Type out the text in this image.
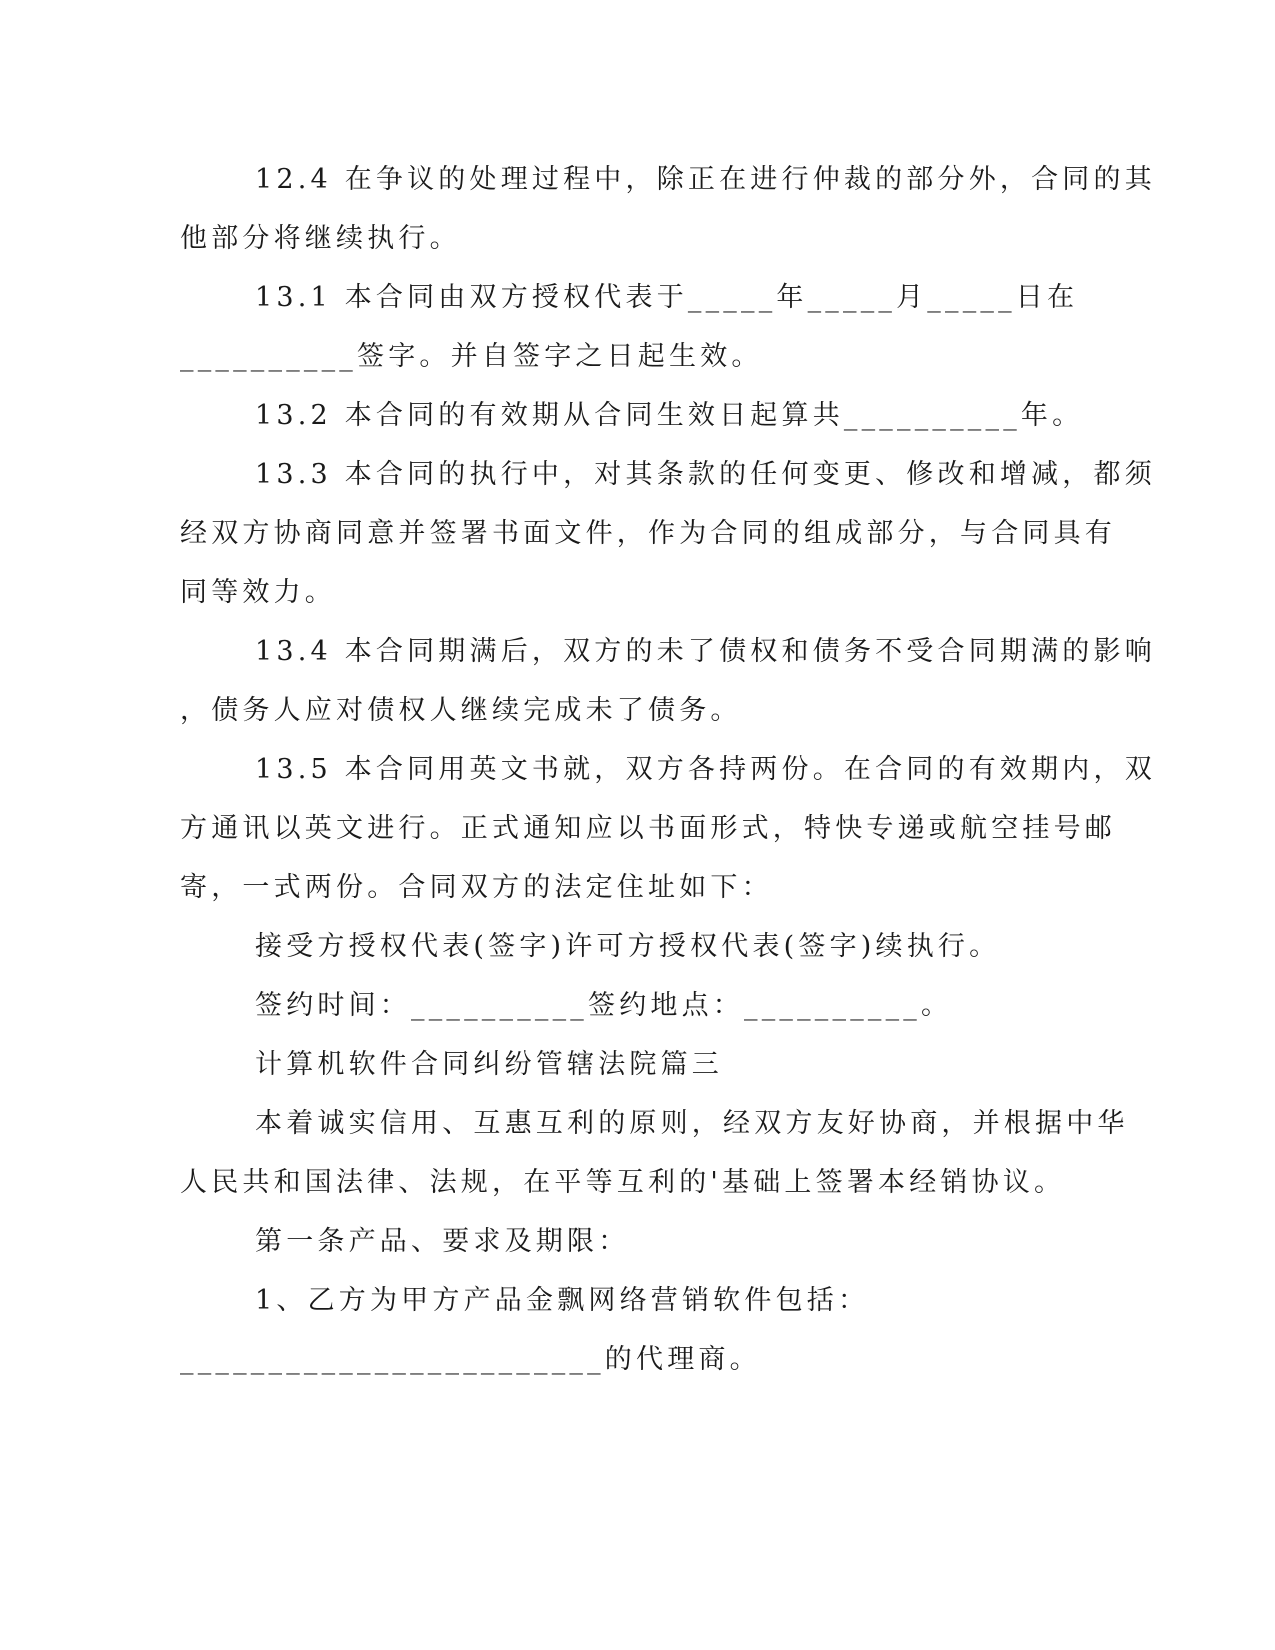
12.4 在争议的处理过程中，除正在进行仲裁的部分外，合同的其
他部分将继续执行。
13.1 本合同由双方授权代表于_____年_____月_____日在
__________签字。并自签字之日起生效。
13.2 本合同的有效期从合同生效日起算共__________年。
13.3 本合同的执行中，对其条款的任何变更、修改和增减，都须
经双方协商同意并签署书面文件，作为合同的组成部分，与合同具有
同等效力。
13.4 本合同期满后，双方的未了债权和债务不受合同期满的影响
，债务人应对债权人继续完成未了债务。
13.5 本合同用英文书就，双方各持两份。在合同的有效期内，双
方通讯以英文进行。正式通知应以书面形式，特快专递或航空挂号邮
寄，一式两份。合同双方的法定住址如下：
接受方授权代表(签字)许可方授权代表(签字)续执行。
签约时间：__________签约地点：__________。
计算机软件合同纠纷管辖法院篇三
本着诚实信用、互惠互利的原则，经双方友好协商，并根据中华
人民共和国法律、法规，在平等互利的'基础上签署本经销协议。
第一条产品、要求及期限：
1、乙方为甲方产品金飘网络营销软件包括：
________________________的代理商。
